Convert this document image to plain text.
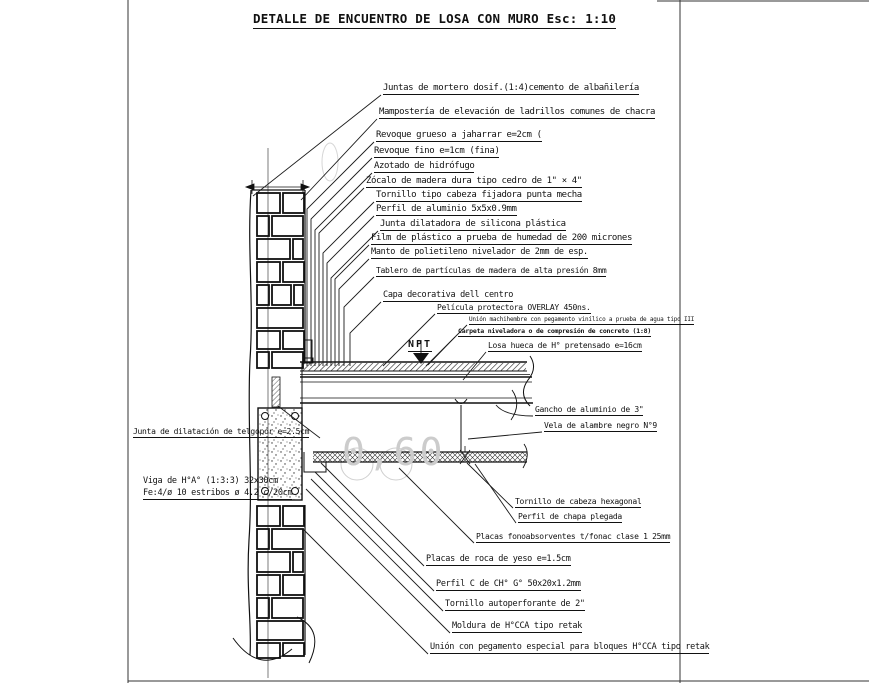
DETALLE DE ENCUENTRO DE LOSA CON MURO Esc: 1:10
Juntas de mortero dosif.(1:4)cemento de albañilería
Mampostería de elevación de ladrillos comunes de chacra
Revoque grueso a jaharrar e=2cm (
Revoque fino e=1cm (fina)
Azotado de hidrófugo
Zócalo de madera dura tipo cedro de 1" × 4"
Tornillo tipo cabeza fijadora punta mecha
Perfil de aluminio 5x5x0.9mm
Junta dilatadora de silicona plástica
Film de plástico a prueba de humedad de 200 micrones
Manto de polietileno nivelador de 2mm de esp.
Tablero de partículas de madera de alta presión 8mm
Capa decorativa dell centro
Película protectora OVERLAY 450ns.
Unión machihembre con pegamento vinílico a prueba de agua tipo III
Carpeta niveladora o de compresión de concreto (1:8)
NPT	Losa hueca de H° pretensado e=16cm
Gancho de aluminio de 3"
Vela de alambre negro N°9
Tornillo de cabeza hexagonal
Perfil de chapa plegada
Placas fonoabsorventes t/fonac clase 1 25mm
Placas de roca de yeso e=1.5cm
Perfil C de CH° G° 50x20x1.2mm
Tornillo autoperforante de 2"
Moldura de H°CCA tipo retak
Unión con pegamento especial para bloques H°CCA tipo retak
Junta de dilatación de telgopor e=2.5cm
Viga de H°A° (1:3:3) 32x30cm
Fe:4/ø 10 estribos ø 4.2 c/20cm
0,60
